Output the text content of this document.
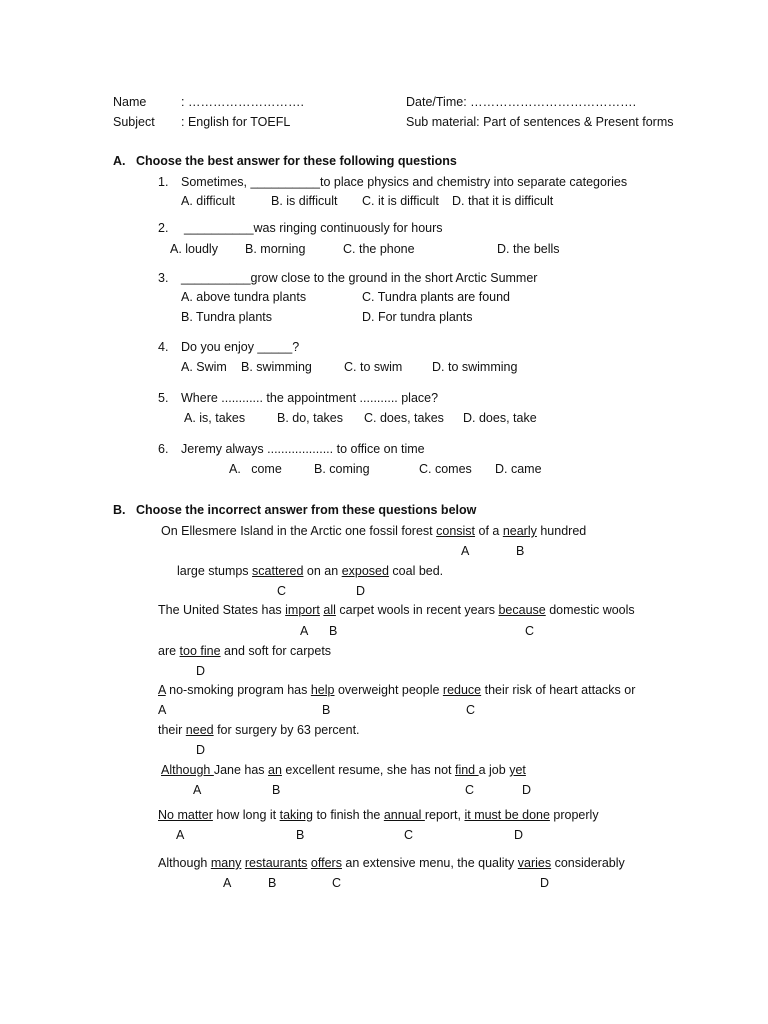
Name	: ……………………….	Date/Time: ………………………………….
Subject : English for TOEFL	Sub material: Part of sentences & Present forms
A. Choose the best answer for these following questions
1. Sometimes, __________to place physics and chemistry into separate categories
A. difficult	B. is difficult C. it is difficult D. that it is difficult
2. __________was ringing continuously for hours
A. loudly B. morning	C. the phone	D. the bells
3. __________grow close to the ground in the short Arctic Summer
A. above tundra plants	C. Tundra plants are found
B. Tundra plants	D. For tundra plants
4. Do you enjoy _____?
A. Swim B. swimming	C. to swim D. to swimming
5. Where ............ the appointment ........... place?
A. is, takes	B. do, takes C. does, takes D. does, take
6. Jeremy always ................... to office on time
A.   come	B. coming	C. comes D. came
B. Choose the incorrect answer from these questions below
On Ellesmere Island in the Arctic one fossil forest consist of a nearly hundred
A	B
large stumps scattered on an exposed coal bed.
C	D
The United States has import all carpet wools in recent years because domestic wools
A B	C
are too fine and soft for carpets
D
A no-smoking program has help overweight people reduce their risk of heart attacks or
A	B	C
their need for surgery by 63 percent.
D
Although Jane has an excellent resume, she has not find a job yet
A	B	C	D
No matter how long it taking to finish the annual report, it must be done properly
A	B	C	D
Although many restaurants offers an extensive menu, the quality varies considerably
A	B	C	D
